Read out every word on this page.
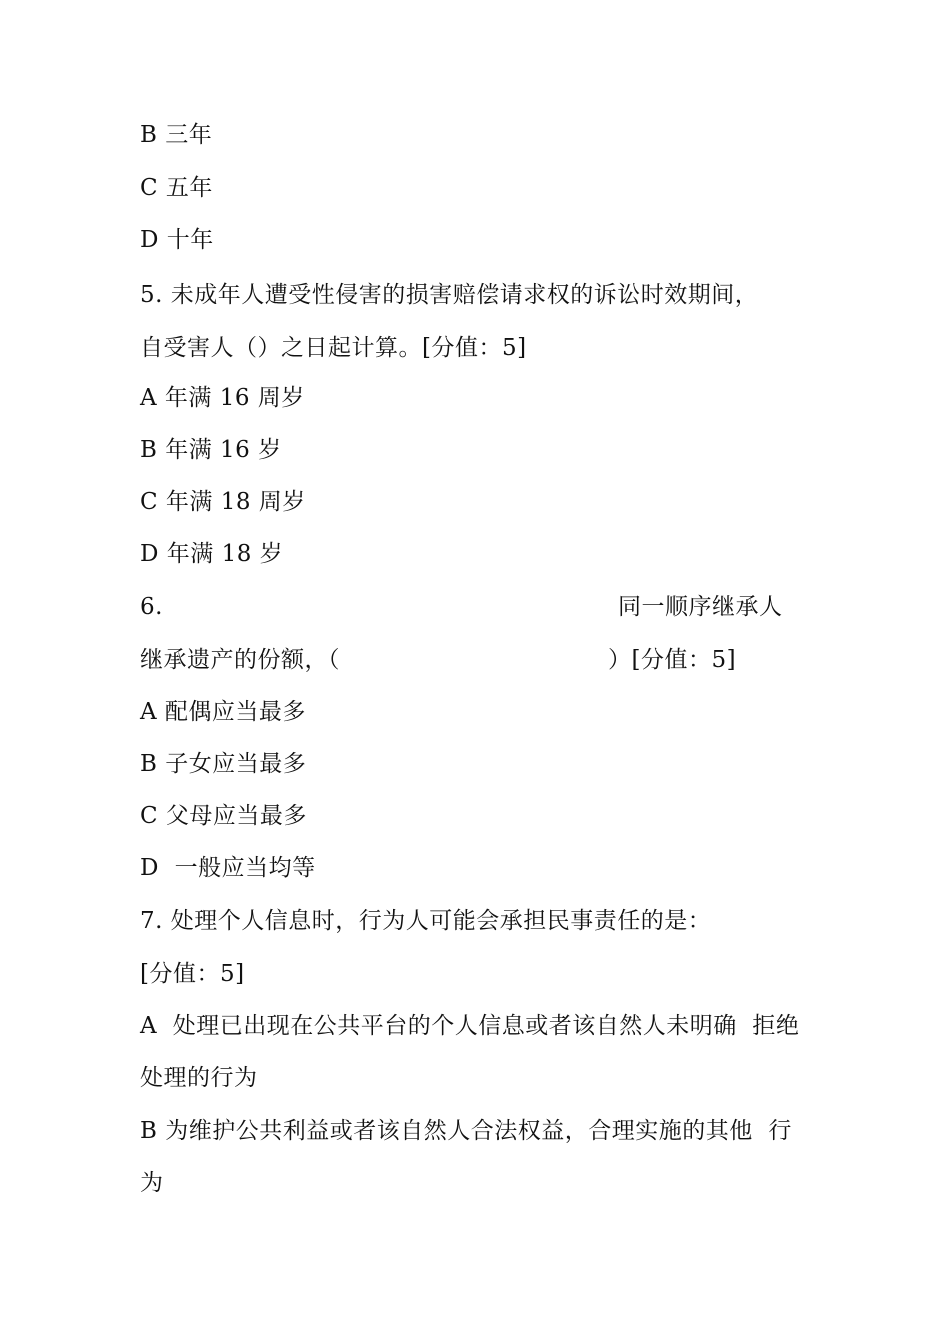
B 三年
C 五年
D 十年
5. 未成年人遭受性侵害的损害赔偿请求权的诉讼时效期间，
自受害人（）之日起计算。[分值：5]
A 年满 16 周岁
B 年满 16 岁
C 年满 18 周岁
D 年满 18 岁
6.	同一顺序继承人
继承遗产的份额，（	）[分值：5]
A 配偶应当最多
B 子女应当最多
C 父母应当最多
D  一般应当均等
7. 处理个人信息时，行为人可能会承担民事责任的是：
[分值：5]
A  处理已出现在公共平台的个人信息或者该自然人未明确  拒绝
处理的行为
B 为维护公共利益或者该自然人合法权益，合理实施的其他  行
为
